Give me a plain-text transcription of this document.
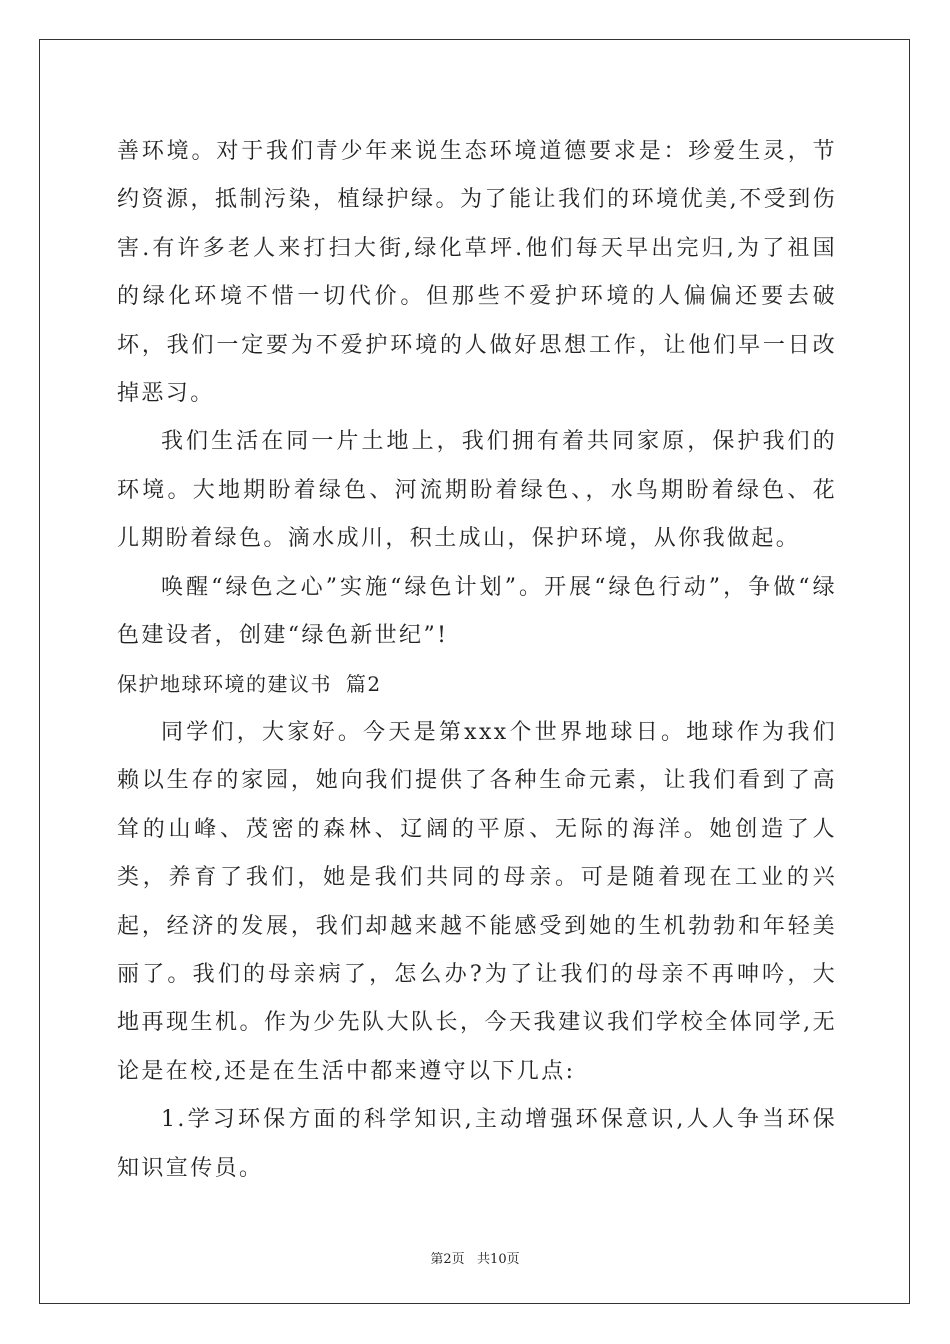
善环境。对于我们青少年来说生态环境道德要求是：珍爱生灵，节约资源，抵制污染，植绿护绿。为了能让我们的环境优美,不受到伤害.有许多老人来打扫大街,绿化草坪.他们每天早出完归,为了祖国的绿化环境不惜一切代价。但那些不爱护环境的人偏偏还要去破坏，我们一定要为不爱护环境的人做好思想工作，让他们早一日改掉恶习。

我们生活在同一片土地上，我们拥有着共同家原，保护我们的环境。大地期盼着绿色、河流期盼着绿色、，水鸟期盼着绿色、花儿期盼着绿色。滴水成川，积土成山，保护环境，从你我做起。

唤醒“绿色之心”实施“绿色计划”。开展“绿色行动”，争做“绿色建设者，创建“绿色新世纪”!

保护地球环境的建议书 篇2

同学们，大家好。今天是第xxx个世界地球日。地球作为我们赖以生存的家园，她向我们提供了各种生命元素，让我们看到了高耸的山峰、茂密的森林、辽阔的平原、无际的海洋。她创造了人类，养育了我们，她是我们共同的母亲。可是随着现在工业的兴起，经济的发展，我们却越来越不能感受到她的生机勃勃和年轻美丽了。我们的母亲病了，怎么办?为了让我们的母亲不再呻吟，大地再现生机。作为少先队大队长，今天我建议我们学校全体同学,无论是在校,还是在生活中都来遵守以下几点:

1.学习环保方面的科学知识,主动增强环保意识,人人争当环保知识宣传员。

第2页   共10页
